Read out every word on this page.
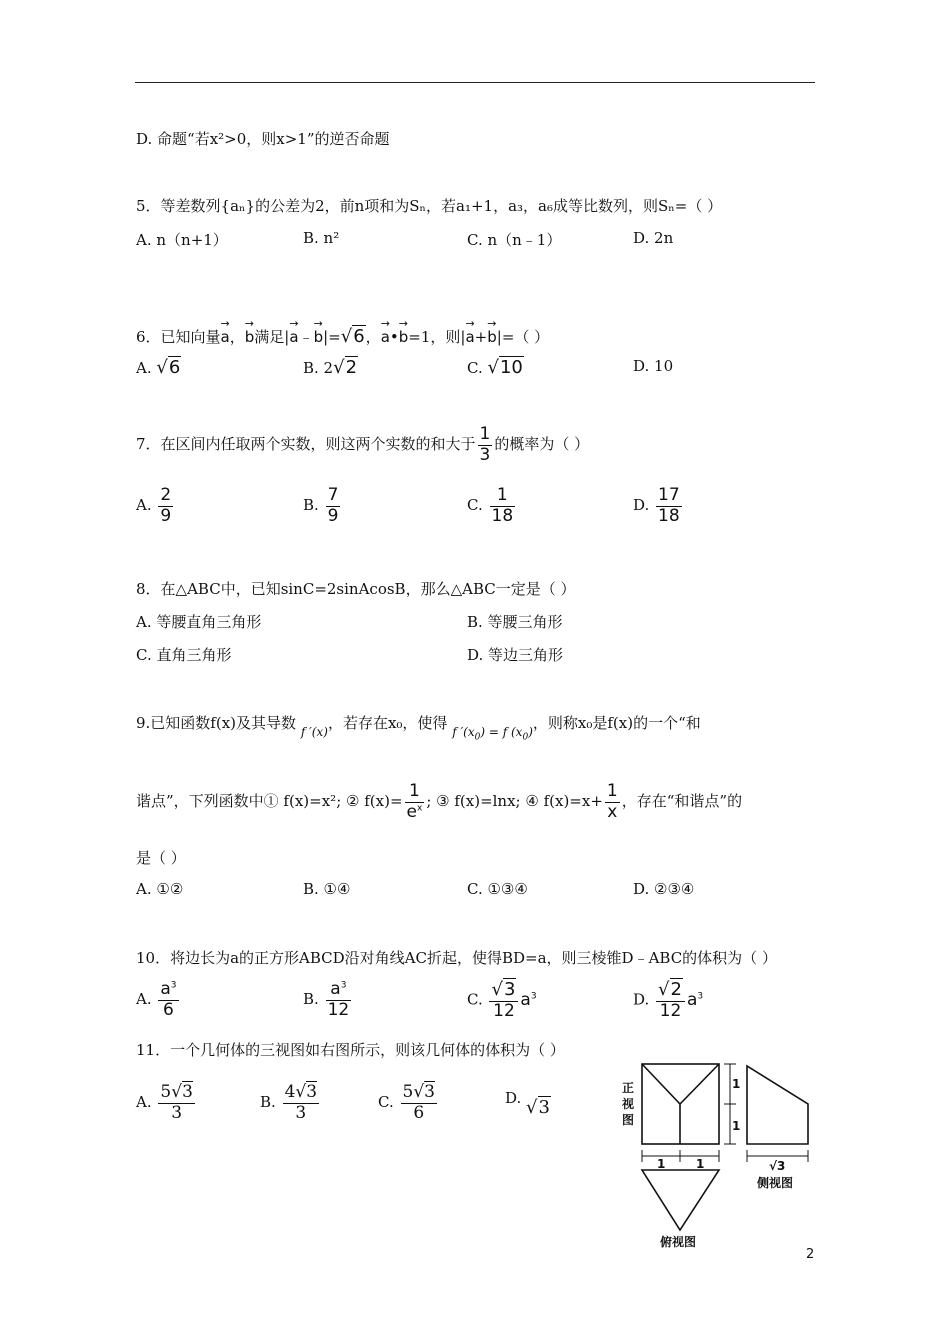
D. 命题“若x²>0，则x>1”的逆否命题
5．等差数列{aₙ}的公差为2，前n项和为Sₙ，若a₁+1，a₃，a₆成等比数列，则Sₙ=（ ）
A. n（n+1）	B. n²	C. n（n﹣1）	D. 2n
6．已知向量→ a，→ b满足|→ a﹣→ b|=√6，→ a•→ b=1，则|→ a+→ b|=（ ）
A. √6	B. 2√2	C. √10	D. 10
7．在区间内任取两个实数，则这两个实数的和大于 $\frac{1}{3}$ 的概率为（ ）
A. $\frac{2}{9}$	B. $\frac{7}{9}$	C. $\frac{1}{18}$	D. $\frac{17}{18}$
8．在△ABC中，已知sinC=2sinAcosB，那么△ABC一定是（ ）
A. 等腰直角三角形	B. 等腰三角形
C. 直角三角形	D. 等边三角形
9.已知函数f(x)及其导数 $_{f '(x)}$，若存在x₀，使得 $_{f '(x_0) = f (x_0)}$，则称x₀是f(x)的一个“和
谐点”，下列函数中① f(x)=x²; ② $f(x)= \frac{1}{e^x}$ ; ③ f(x)=lnx; ④ $f(x)=x+ \frac{1}{x}$ ，存在“和谐点”的
是（ ）
A. ①②	B. ①④	C. ①③④	D. ②③④
10．将边长为a的正方形ABCD沿对角线AC折起，使得BD=a，则三棱锥D﹣ABC的体积为（ ）
A. $\frac{a^3}{6}$	B. $\frac{a^3}{12}$	C. $\frac{√3}{12} a^3$	D. $\frac{√2}{12} a^3$
11．一个几何体的三视图如右图所示，则该几何体的体积为（ ）
A. $\frac{5√3}{3}$	B. $\frac{4√3}{3}$	C. $\frac{5√3}{6}$	D. √3
正
视
图
1
1
1	1	√3
侧视图
俯视图
2
